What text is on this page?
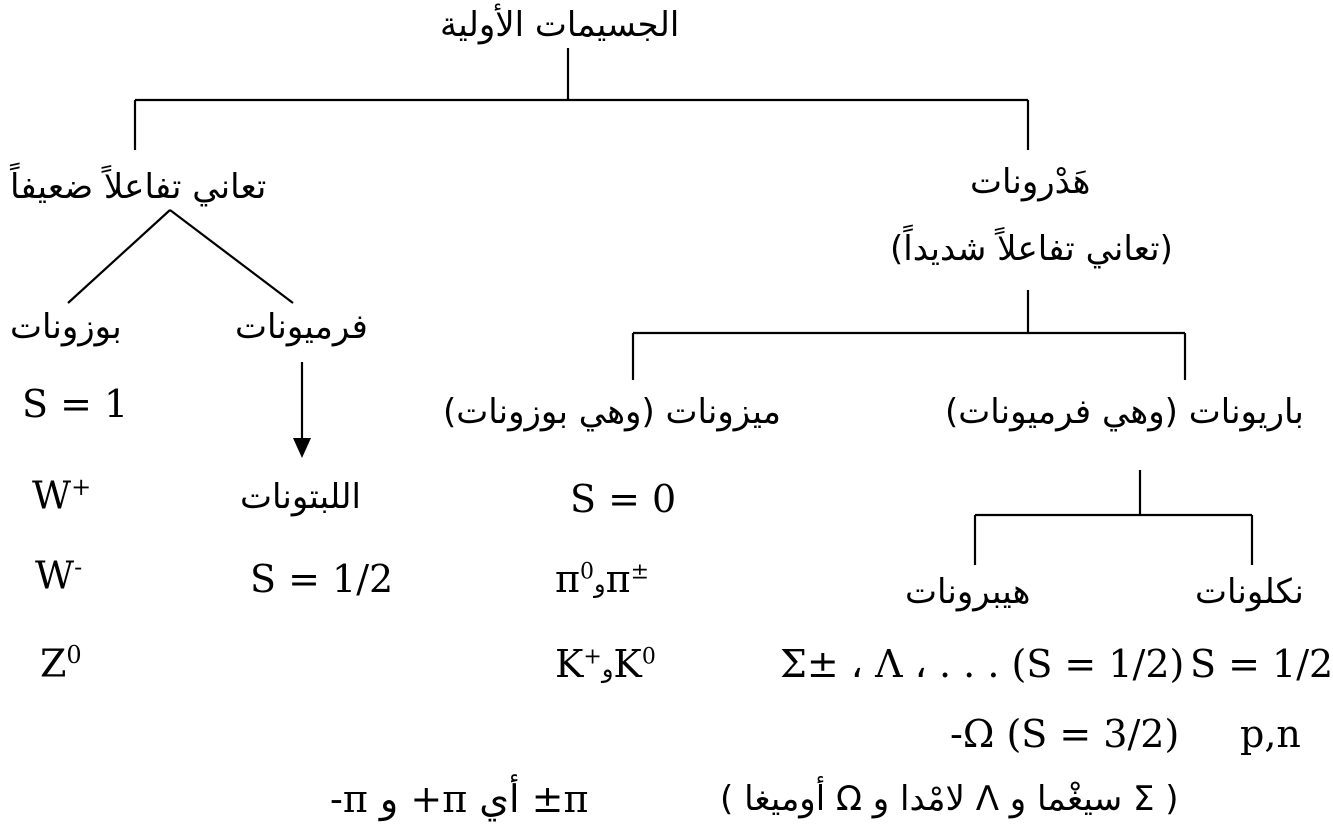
الجسيمات الأولية
تعاني تفاعلاً ضعيفاً
بوزونات	فرميونات
S = 1
W+
W-
$Z^0$
اللبتونات
S = 1/2
هَدْرونات
(تعاني تفاعلاً شديداً)
ميزونات (وهي بوزونات)
S = 0
$\pi^0و\pi^\pm$
K+وK$^0$
باريونات (وهي فرميونات)
نكلونات
هيبرونات
S = 1/2
p,n
(S = 1/2) . . . ، Σ± ، Λ
(S = 3/2) Ω-
π± أي π+ و π-	( Σ سيغْما و Λ لامْدا و Ω أوميغا )
